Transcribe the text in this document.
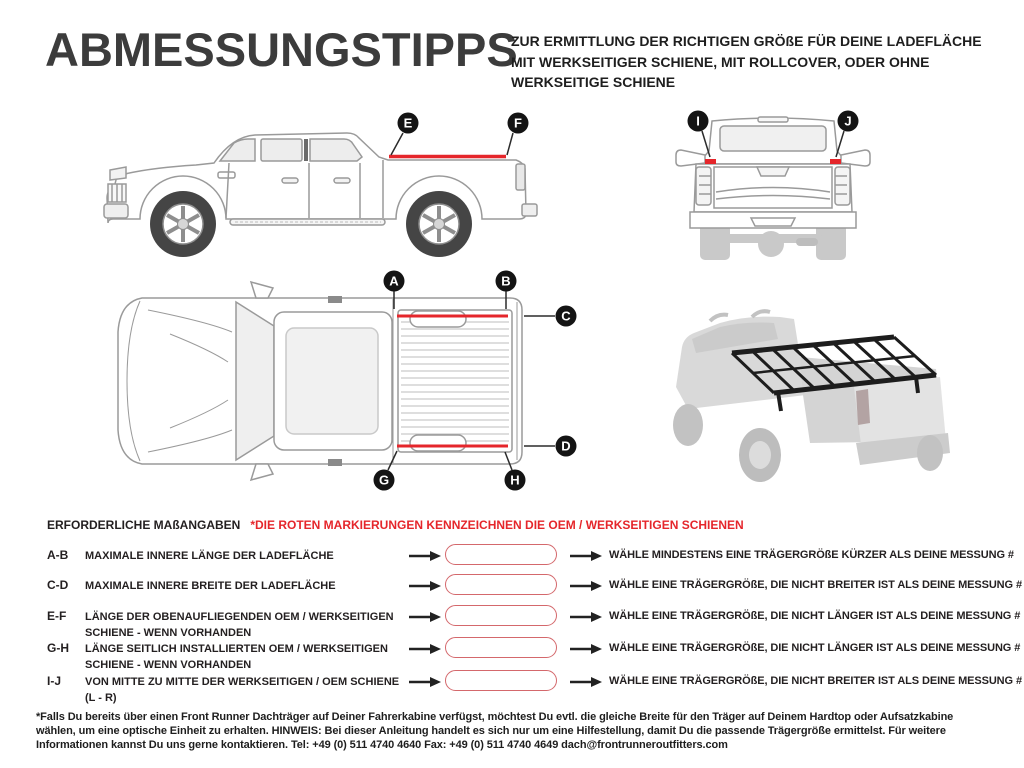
ABMESSUNGSTIPPS
ZUR ERMITTLUNG DER RICHTIGEN GRÖßE FÜR DEINE LADEFLÄCHE MIT WERKSEITIGER SCHIENE, MIT ROLLCOVER, ODER OHNE WERKSEITIGE SCHIENE
E	F	I	J
A	B
C
D
G	H
ERFORDERLICHE MAßANGABEN *DIE ROTEN MARKIERUNGEN KENNZEICHNEN DIE OEM / WERKSEITIGEN SCHIENEN
A-B	MAXIMALE INNERE LÄNGE DER LADEFLÄCHE	WÄHLE MINDESTENS EINE TRÄGERGRÖßE KÜRZER ALS DEINE MESSUNG #
C-D	MAXIMALE INNERE BREITE DER LADEFLÄCHE	WÄHLE EINE TRÄGERGRÖßE, DIE NICHT BREITER IST ALS DEINE MESSUNG #
E-F	LÄNGE DER OBENAUFLIEGENDEN OEM / WERKSEITIGEN SCHIENE - WENN VORHANDEN
WÄHLE EINE TRÄGERGRÖßE, DIE NICHT LÄNGER IST ALS DEINE MESSUNG #
G-H	LÄNGE SEITLICH INSTALLIERTEN OEM / WERKSEITIGEN SCHIENE - WENN VORHANDEN
WÄHLE EINE TRÄGERGRÖßE, DIE NICHT LÄNGER IST ALS DEINE MESSUNG #
I-J	VON MITTE ZU MITTE DER WERKSEITIGEN / OEM SCHIENE (L - R)
WÄHLE EINE TRÄGERGRÖßE, DIE NICHT BREITER IST ALS DEINE MESSUNG #
*Falls Du bereits über einen Front Runner Dachträger auf Deiner Fahrerkabine verfügst, möchtest Du evtl. die gleiche Breite für den Träger auf Deinem Hardtop oder Aufsatzkabine wählen, um eine optische Einheit zu erhalten. HINWEIS: Bei dieser Anleitung handelt es sich nur um eine Hilfestellung, damit Du die passende Trägergröße ermittelst. Für weitere Informationen kannst Du uns gerne kontaktieren. Tel: +49 (0) 511 4740 4640 Fax: +49 (0) 511 4740 4649 dach@frontrunneroutfitters.com
